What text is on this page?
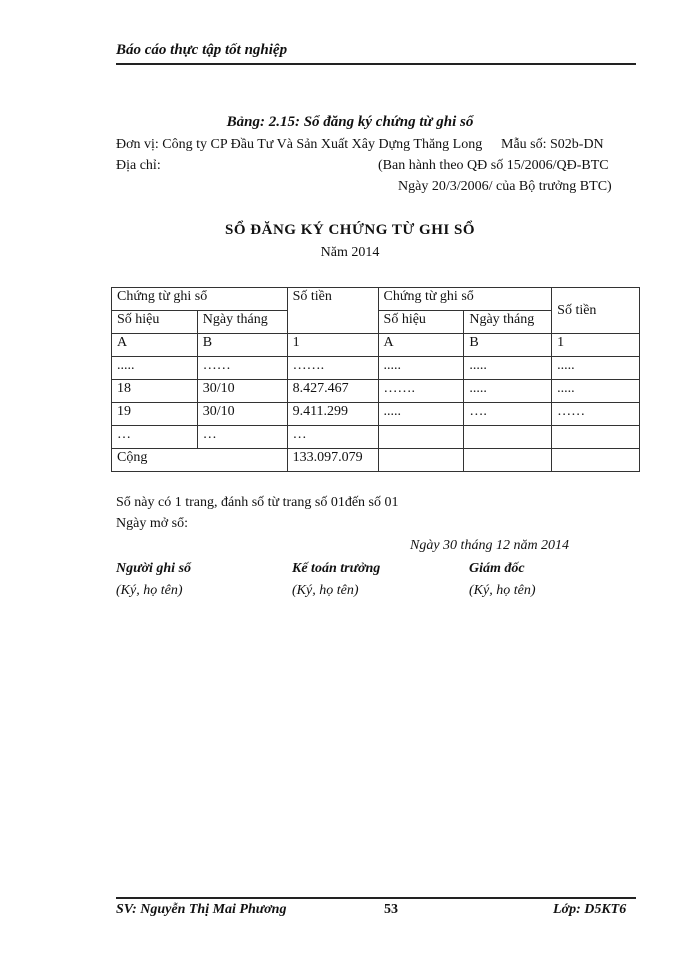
Báo cáo thực tập tốt nghiệp
Bảng: 2.15: Sổ đăng ký chứng từ ghi sổ
Đơn vị: Công ty CP Đầu Tư Và Sản Xuất Xây Dựng Thăng Long Mẫu số: S02b-DN
Địa chỉ:	(Ban hành theo QĐ số 15/2006/QĐ-BTC
Ngày 20/3/2006/ của Bộ trưởng BTC)
SỔ ĐĂNG KÝ CHỨNG TỪ GHI SỔ
Năm 2014
Chứng từ ghi sổ		Số tiền	Chứng từ ghi sổ		Số tiền
Số hiệu	Ngày tháng		Số hiệu	Ngày tháng	
A	B	1	A	B	1
.....	……	…….	.....	.....	.....
18	30/10	8.427.467	…….	.....	.....
19	30/10	9.411.299	.....	….	……
…	…	…			
Cộng		133.097.079			
Sổ này có 1 trang, đánh số từ trang số 01đến số 01
Ngày mở sổ:
Ngày 30 tháng 12 năm 2014
Người ghi sổ	Kế toán trưởng	Giám đốc
(Ký, họ tên)	(Ký, họ tên)	(Ký, họ tên)
SV: Nguyễn Thị Mai Phương	53	Lớp: D5KT6
